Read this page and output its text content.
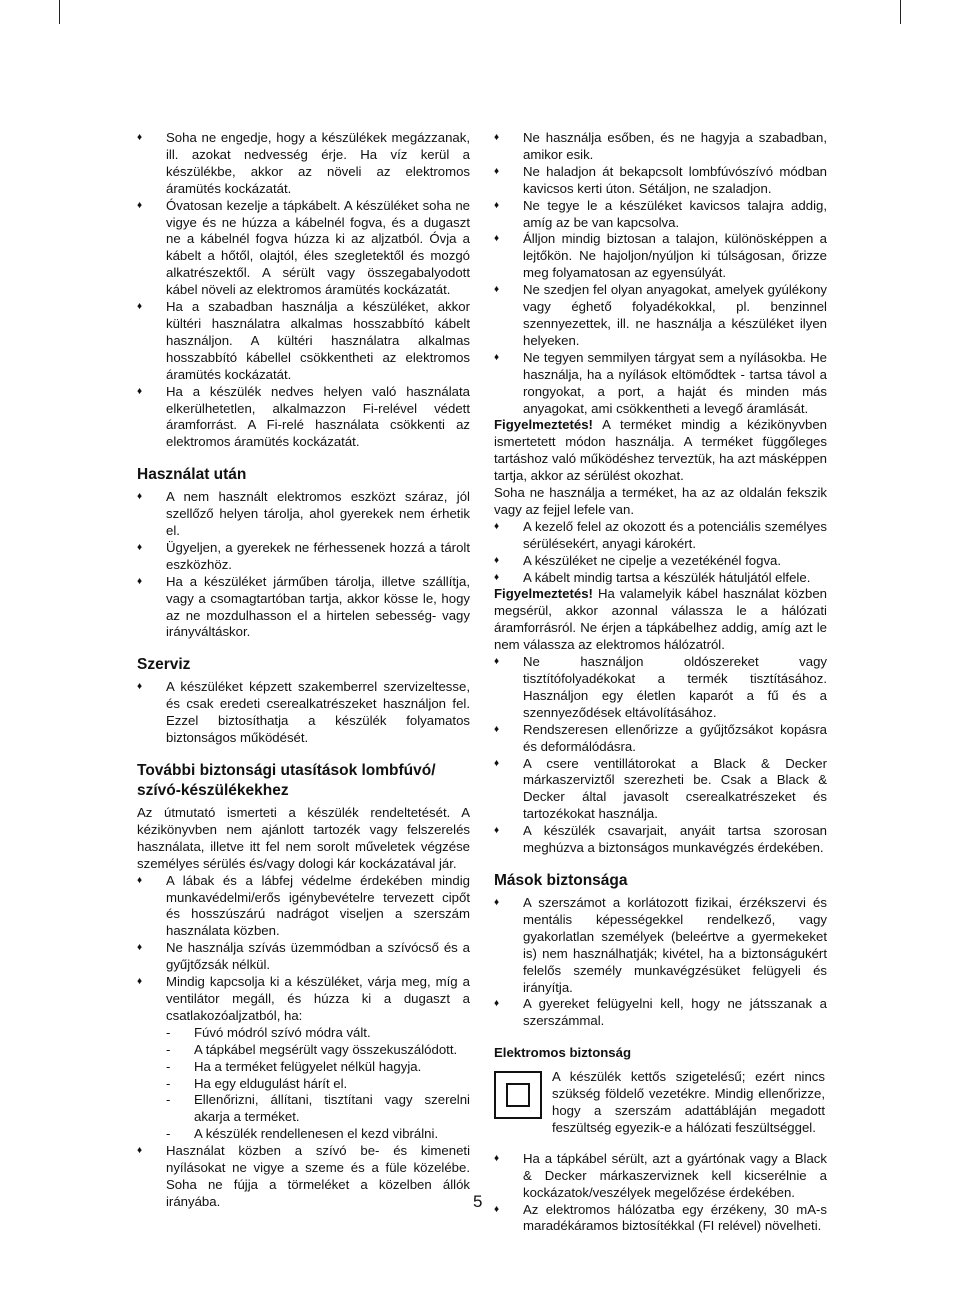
♦ Soha ne engedje, hogy a készülékek megázzanak, ill. azokat nedvesség érje. Ha víz kerül a készülékbe, akkor az növeli az elektromos áramütés kockázatát.
♦ Óvatosan kezelje a tápkábelt. A készüléket soha ne vigye és ne húzza a kábelnél fogva, és a dugaszt ne a kábelnél fogva húzza ki az aljzatból. Óvja a kábelt a hőtől, olajtól, éles szegletektől és mozgó alkatrészektől. A sérült vagy összegabalyodott kábel növeli az elektromos áramütés kockázatát.
♦ Ha a szabadban használja a készüléket, akkor kültéri használatra alkalmas hosszabbító kábelt használjon. A kültéri használatra alkalmas hosszabbító kábellel csökkentheti az elektromos áramütés kockázatát.
♦ Ha a készülék nedves helyen való használata elkerülhetetlen, alkalmazzon Fi-relével védett áramforrást. A Fi-relé használata csökkenti az elektromos áramütés kockázatát.
Használat után
♦ A nem használt elektromos eszközt száraz, jól szellőző helyen tárolja, ahol gyerekek nem érhetik el.
♦ Ügyeljen, a gyerekek ne férhessenek hozzá a tárolt eszközhöz.
♦ Ha a készüléket járműben tárolja, illetve szállítja, vagy a csomagtartóban tartja, akkor kösse le, hogy az ne mozdulhasson el a hirtelen sebesség- vagy irányváltáskor.
Szerviz
♦ A készüléket képzett szakemberrel szervizeltesse, és csak eredeti cserealkatrészeket használjon fel. Ezzel biztosíthatja a készülék folyamatos biztonságos működését.
További biztonsági utasítások lombfúvó/ szívó-készülékekhez
Az útmutató ismerteti a készülék rendeltetését. A kézikönyvben nem ajánlott tartozék vagy felszerelés használata, illetve itt fel nem sorolt műveletek végzése személyes sérülés és/vagy dologi kár kockázatával jár.
♦ A lábak és a lábfej védelme érdekében mindig munkavédelmi/erős igénybevételre tervezett cipőt és hosszúszárú nadrágot viseljen a szerszám használata közben.
♦ Ne használja szívás üzemmódban a szívócső és a gyűjtőzsák nélkül.
♦ Mindig kapcsolja ki a készüléket, várja meg, míg a ventilátor megáll, és húzza ki a dugaszt a csatlakozóaljzatból, ha:
-	Fúvó módról szívó módra vált.
-	A tápkábel megsérült vagy összekuszálódott.
-	Ha a terméket felügyelet nélkül hagyja.
-	Ha egy eldugulást hárít el.
-	Ellenőrizni, állítani, tisztítani vagy szerelni akarja a terméket.
-	A készülék rendellenesen el kezd vibrálni.
♦ Használat közben a szívó be- és kimeneti nyílásokat ne vigye a szeme és a füle közelébe. Soha ne fújja a törmeléket a közelben állók irányába.
♦ Ne használja esőben, és ne hagyja a szabadban, amikor esik.
♦ Ne haladjon át bekapcsolt lombfúvószívó módban kavicsos kerti úton. Sétáljon, ne szaladjon.
♦ Ne tegye le a készüléket kavicsos talajra addig, amíg az be van kapcsolva.
♦ Álljon mindig biztosan a talajon, különösképpen a lejtőkön. Ne hajoljon/nyúljon ki túlságosan, őrizze meg folyamatosan az egyensúlyát.
♦ Ne szedjen fel olyan anyagokat, amelyek gyúlékony vagy éghető folyadékokkal, pl. benzinnel szennyezettek, ill. ne használja a készüléket ilyen helyeken.
♦ Ne tegyen semmilyen tárgyat sem a nyílásokba. He használja, ha a nyílások eltömődtek - tartsa távol a rongyokat, a port, a haját és minden más anyagokat, ami csökkentheti a levegő áramlását.
Figyelmeztetés! A terméket mindig a kézikönyvben ismertetett módon használja. A terméket függőleges tartáshoz való működéshez terveztük, ha azt másképpen tartja, akkor az sérülést okozhat.
Soha ne használja a terméket, ha az az oldalán fekszik vagy az fejjel lefele van.
♦ A kezelő felel az okozott és a potenciális személyes sérülésekért, anyagi károkért.
♦ A készüléket ne cipelje a vezetékénél fogva.
♦ A kábelt mindig tartsa a készülék hátuljától elfele.
Figyelmeztetés! Ha valamelyik kábel használat közben megsérül, akkor azonnal válassza le a hálózati áramforrásról. Ne érjen a tápkábelhez addig, amíg azt le nem válassza az elektromos hálózatról.
♦ Ne használjon oldószereket vagy tisztítófolyadékokat a termék tisztításához. Használjon egy életlen kaparót a fű és a szennyeződések eltávolításához.
♦ Rendszeresen ellenőrizze a gyűjtőzsákot kopásra és deformálódásra.
♦ A csere ventillátorokat a Black & Decker márkaszerviztől szerezheti be. Csak a Black & Decker által javasolt cserealkatrészeket és tartozékokat használja.
♦ A készülék csavarjait, anyáit tartsa szorosan meghúzva a biztonságos munkavégzés érdekében.
Mások biztonsága
♦ A szerszámot a korlátozott fizikai, érzékszervi és mentális képességekkel rendelkező, vagy gyakorlatlan személyek (beleértve a gyermekeket is) nem használhatják; kivétel, ha a biztonságukért felelős személy munkavégzésüket felügyeli és irányítja.
♦ A gyereket felügyelni kell, hogy ne játsszanak a szerszámmal.
Elektromos biztonság
A készülék kettős szigetelésű; ezért nincs szükség földelő vezetékre. Mindig ellenőrizze, hogy a szerszám adattábláján megadott feszültség egyezik-e a hálózati feszültséggel.
♦ Ha a tápkábel sérült, azt a gyártónak vagy a Black & Decker márkaszerviznek kell kicserélnie a kockázatok/veszélyek megelőzése érdekében.
♦ Az elektromos hálózatba egy érzékeny, 30 mA-s maradékáramos biztosítékkal (FI relével) növelheti.
5
